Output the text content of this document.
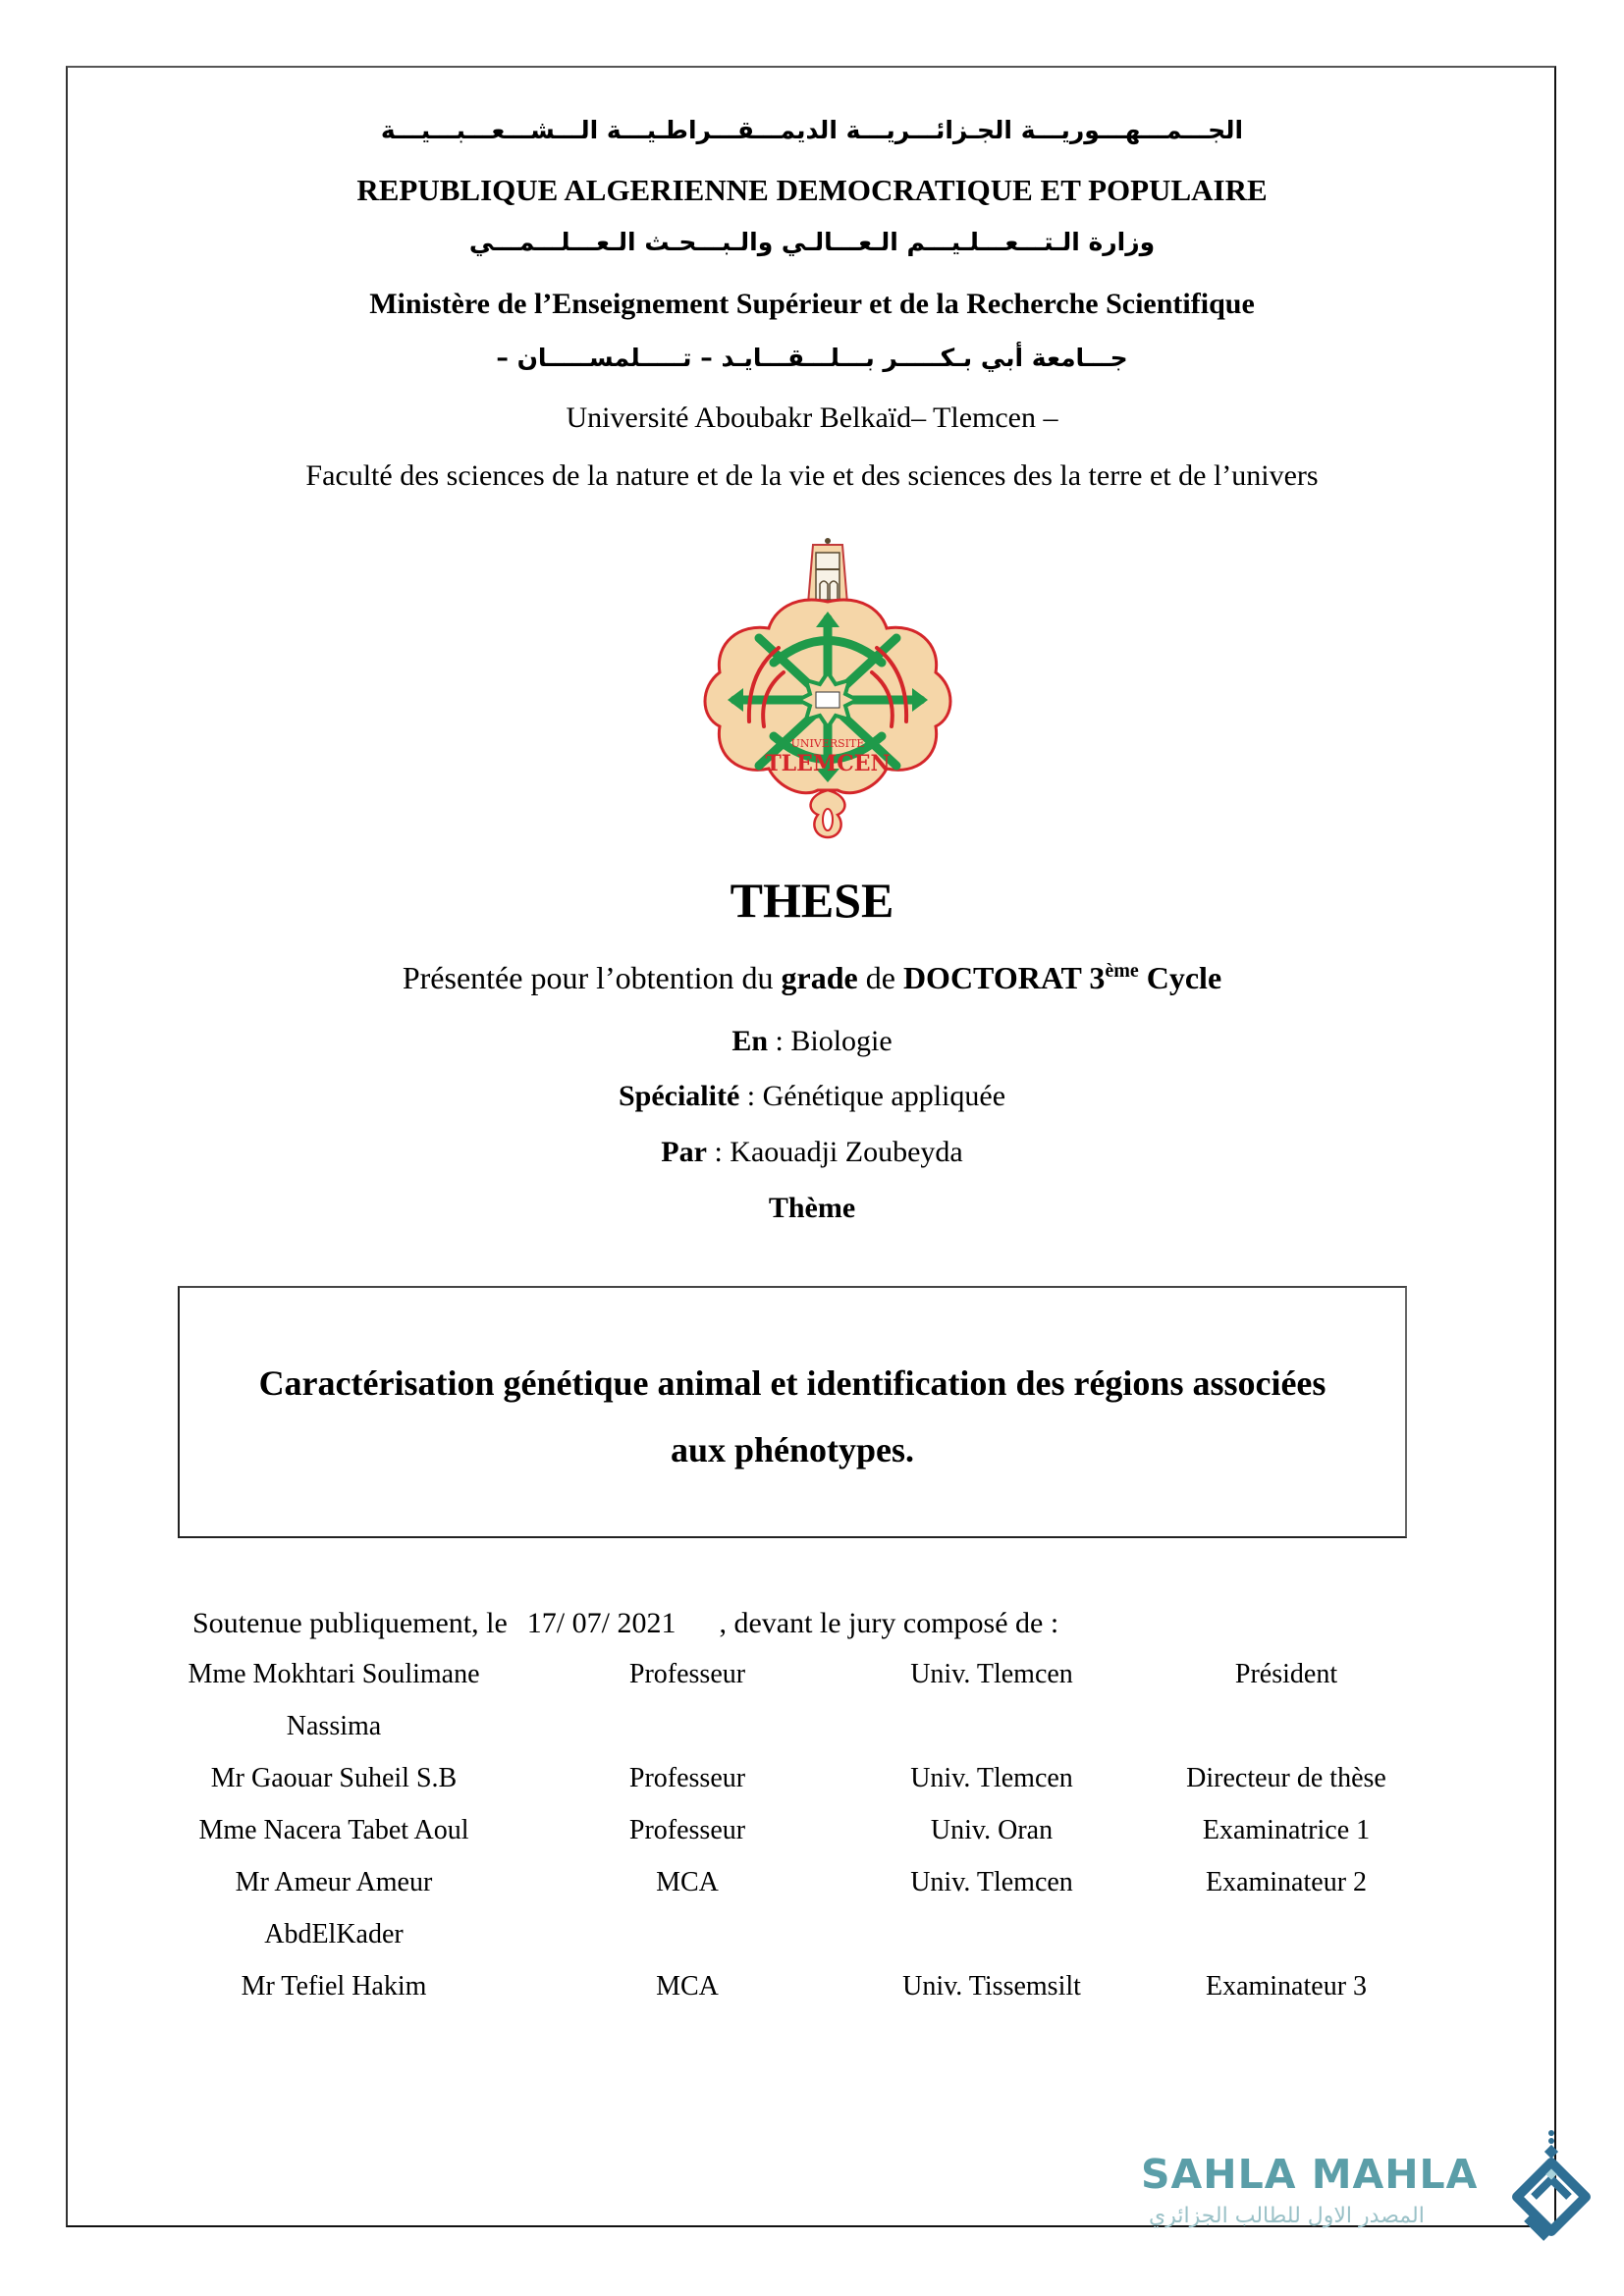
الجـــمـــهـــوريـــة الجـزائـــريـــة الديمـــقـــراطـيـــة الـــشـــعـــبـــيـــة
REPUBLIQUE ALGERIENNE DEMOCRATIQUE ET POPULAIRE
وزارة الـتـــعـــلـيـــم الـعـــالـي والـبـــحـث الـعـــلـــمـــي
Ministère de l’Enseignement Supérieur et de la Recherche Scientifique
جـــامعة أبي بـكـــــر بـــلـــقـــايـد – تـــــلمســـــان –
Université Aboubakr Belkaïd– Tlemcen –
Faculté des sciences de la nature et de la vie et des sciences des la terre et de l’univers
UNIVERSITE
TLEMCEN
THESE
Présentée pour l’obtention du grade de DOCTORAT 3ème Cycle
En : Biologie
Spécialité : Génétique appliquée
Par : Kaouadji Zoubeyda
Thème
Caractérisation génétique animal et identification des régions associées
aux phénotypes.
Soutenue publiquement, le 17/ 07/ 2021 , devant le jury composé de :
Mme Mokhtari Soulimane	Professeur	Univ. Tlemcen	Président
Nassima
Mr Gaouar Suheil S.B	Professeur	Univ. Tlemcen	Directeur de thèse
Mme Nacera Tabet Aoul	Professeur	Univ. Oran	Examinatrice 1
Mr Ameur Ameur	MCA	Univ. Tlemcen	Examinateur 2
AbdElKader
Mr Tefiel Hakim	MCA	Univ. Tissemsilt	Examinateur 3
SAHLA MAHLA
المصدر الاول للطالب الجزائري
